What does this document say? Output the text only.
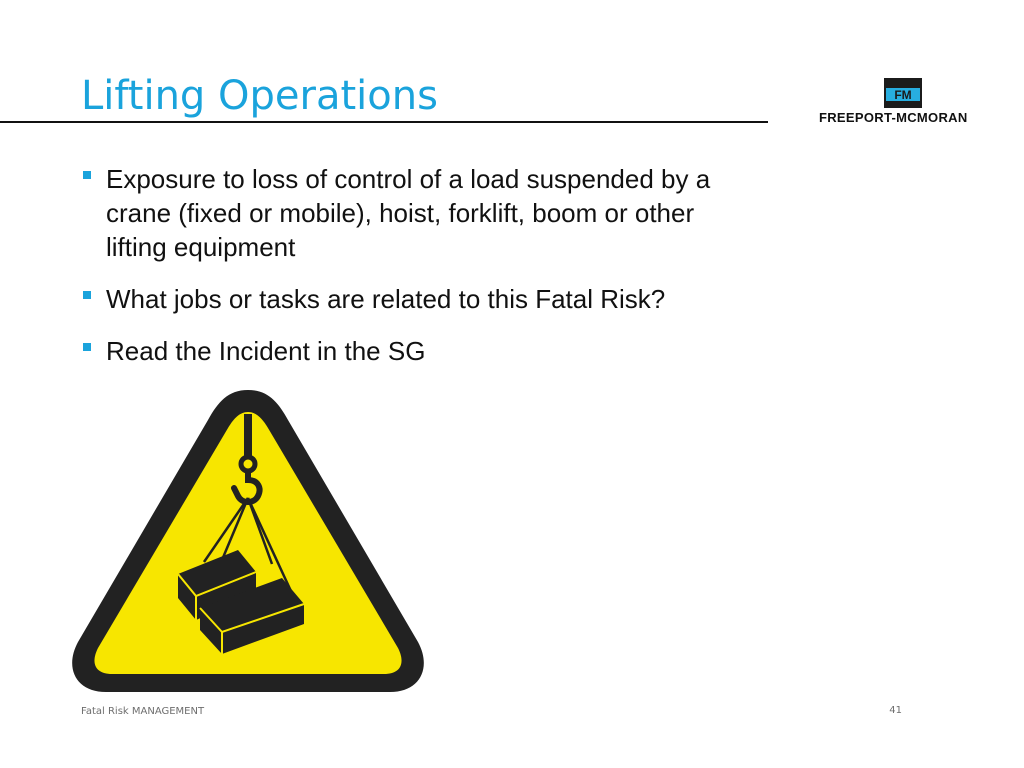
Lifting Operations	FM
FREEPORT-MCMORAN
Exposure to loss of control of a load suspended by a crane (fixed or mobile), hoist, forklift, boom or other lifting equipment
What jobs or tasks are related to this Fatal Risk?
Read the Incident in the SG
Fatal Risk MANAGEMENT	41
